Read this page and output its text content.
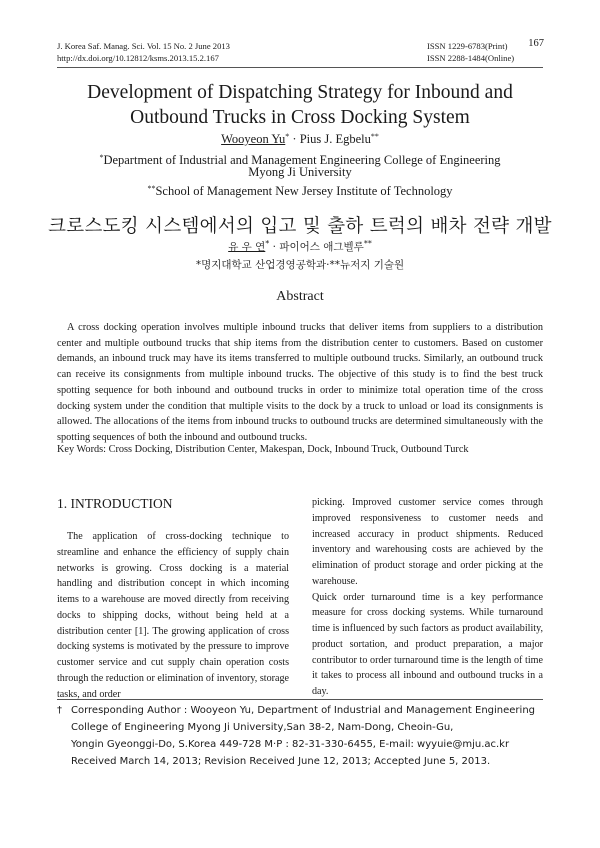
J. Korea Saf. Manag. Sci. Vol. 15 No. 2 June 2013
http://dx.doi.org/10.12812/ksms.2013.15.2.167
ISSN 1229-6783(Print)
ISSN 2288-1484(Online)
167
Development of Dispatching Strategy for Inbound and
Outbound Trucks in Cross Docking System
Wooyeon Yu* · Pius J. Egbelu**
*Department of Industrial and Management Engineering College of Engineering
Myong Ji University
**School of Management New Jersey Institute of Technology
크로스도킹 시스템에서의 입고 및 출하 트럭의 배차 전략 개발
유 우 연* · 파이어스 애그벨루**
*명지대학교 산업경영공학과·**뉴저지 기술원
Abstract

A cross docking operation involves multiple inbound trucks that deliver items from suppliers to a distribution center and multiple outbound trucks that ship items from the distribution center to customers. Based on customer demands, an inbound truck may have its items transferred to multiple outbound trucks. Similarly, an outbound truck can receive its consignments from multiple inbound trucks. The objective of this study is to find the best truck spotting sequence for both inbound and outbound trucks in order to minimize total operation time of the cross docking system under the condition that multiple visits to the dock by a truck to unload or load its consignments is allowed. The allocations of the items from inbound trucks to outbound trucks are determined simultaneously with the spotting sequences of both the inbound and outbound trucks.

Key Words: Cross Docking, Distribution Center, Makespan, Dock, Inbound Truck, Outbound Turck
1. INTRODUCTION

The application of cross-docking technique to streamline and enhance the efficiency of supply chain networks is growing. Cross docking is a material handling and distribution concept in which incoming items to a warehouse are moved directly from receiving docks to shipping docks, without being held at a distribution center [1]. The growing application of cross docking systems is motivated by the pressure to improve customer service and cut supply chain operation costs through the reduction or elimination of inventory, storage tasks, and order

picking. Improved customer service comes through improved responsiveness to customer needs and increased accuracy in product shipments. Reduced inventory and warehousing costs are achieved by the elimination of product storage and order picking at the warehouse.

Quick order turnaround time is a key performance measure for cross docking systems. While turnaround time is influenced by such factors as product availability, product sortation, and product preparation, a major contributor to order turnaround time is the length of time it takes to process all inbound and outbound trucks in a day.

† Corresponding Author : Wooyeon Yu, Department of Industrial and Management Engineering
College of Engineering Myong Ji University,San 38-2, Nam-Dong, Cheoin-Gu,
Yongin Gyeonggi-Do, S.Korea 449-728 M·P : 82-31-330-6455, E-mail: wyyuie@mju.ac.kr
Received March 14, 2013; Revision Received June 12, 2013; Accepted June 5, 2013.
